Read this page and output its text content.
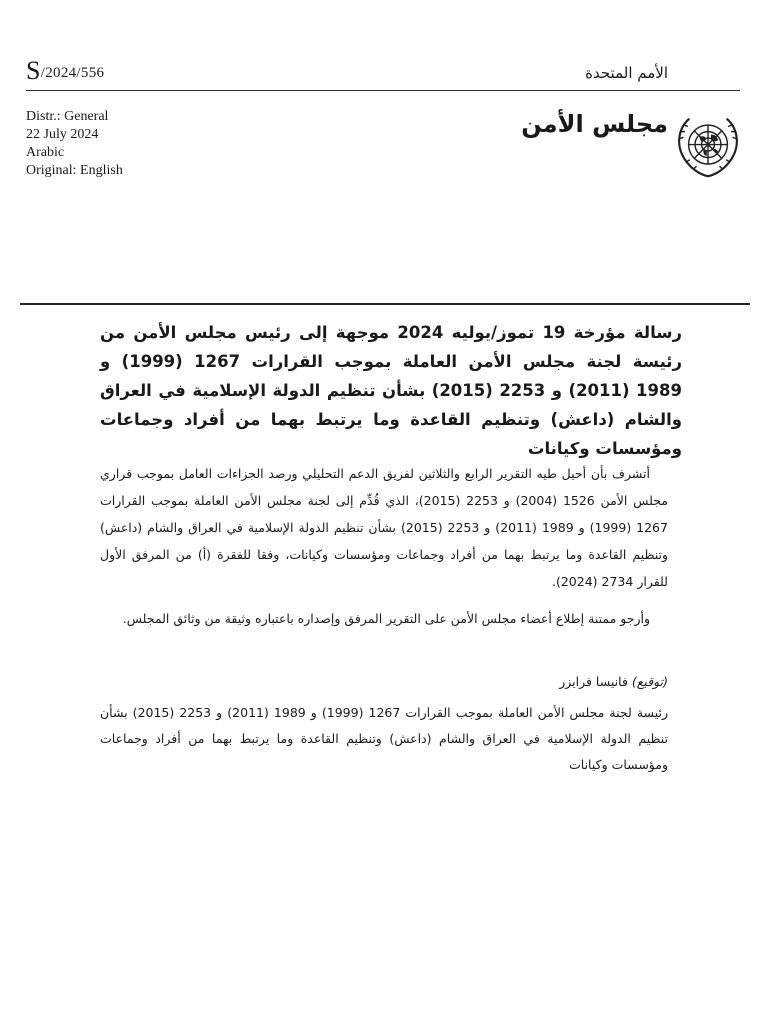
S/2024/556	الأمم المتحدة
Distr.: General
22 July 2024
Arabic
Original: English
مجلس الأمن
رسالة مؤرخة 19 تموز/يوليه 2024 موجهة إلى رئيس مجلس الأمن من رئيسة لجنة مجلس الأمن العاملة بموجب القرارات 1267 (1999) و 1989 (2011) و 2253 (2015) بشأن تنظيم الدولة الإسلامية في العراق والشام (داعش) وتنظيم القاعدة وما يرتبط بهما من أفراد وجماعات ومؤسسات وكيانات

أتشرف بأن أحيل طيه التقرير الرابع والثلاثين لفريق الدعم التحليلي ورصد الجزاءات العامل بموجب قراري مجلس الأمن 1526 (2004) و 2253 (2015)، الذي قُدِّم إلى لجنة مجلس الأمن العاملة بموجب القرارات 1267 (1999) و 1989 (2011) و 2253 (2015) بشأن تنظيم الدولة الإسلامية في العراق والشام (داعش) وتنظيم القاعدة وما يرتبط بهما من أفراد وجماعات ومؤسسات وكيانات، وفقا للفقرة (أ) من المرفق الأول للقرار 2734 (2024).

وأرجو ممتنة إطلاع أعضاء مجلس الأمن على التقرير المرفق وإصداره باعتباره وثيقة من وثائق المجلس.

(توقيع) فانيسا فرايزر
رئيسة لجنة مجلس الأمن العاملة بموجب القرارات 1267 (1999) و 1989 (2011) و 2253 (2015) بشأن تنظيم الدولة الإسلامية في العراق والشام (داعش) وتنظيم القاعدة وما يرتبط بهما من أفراد وجماعات ومؤسسات وكيانات
